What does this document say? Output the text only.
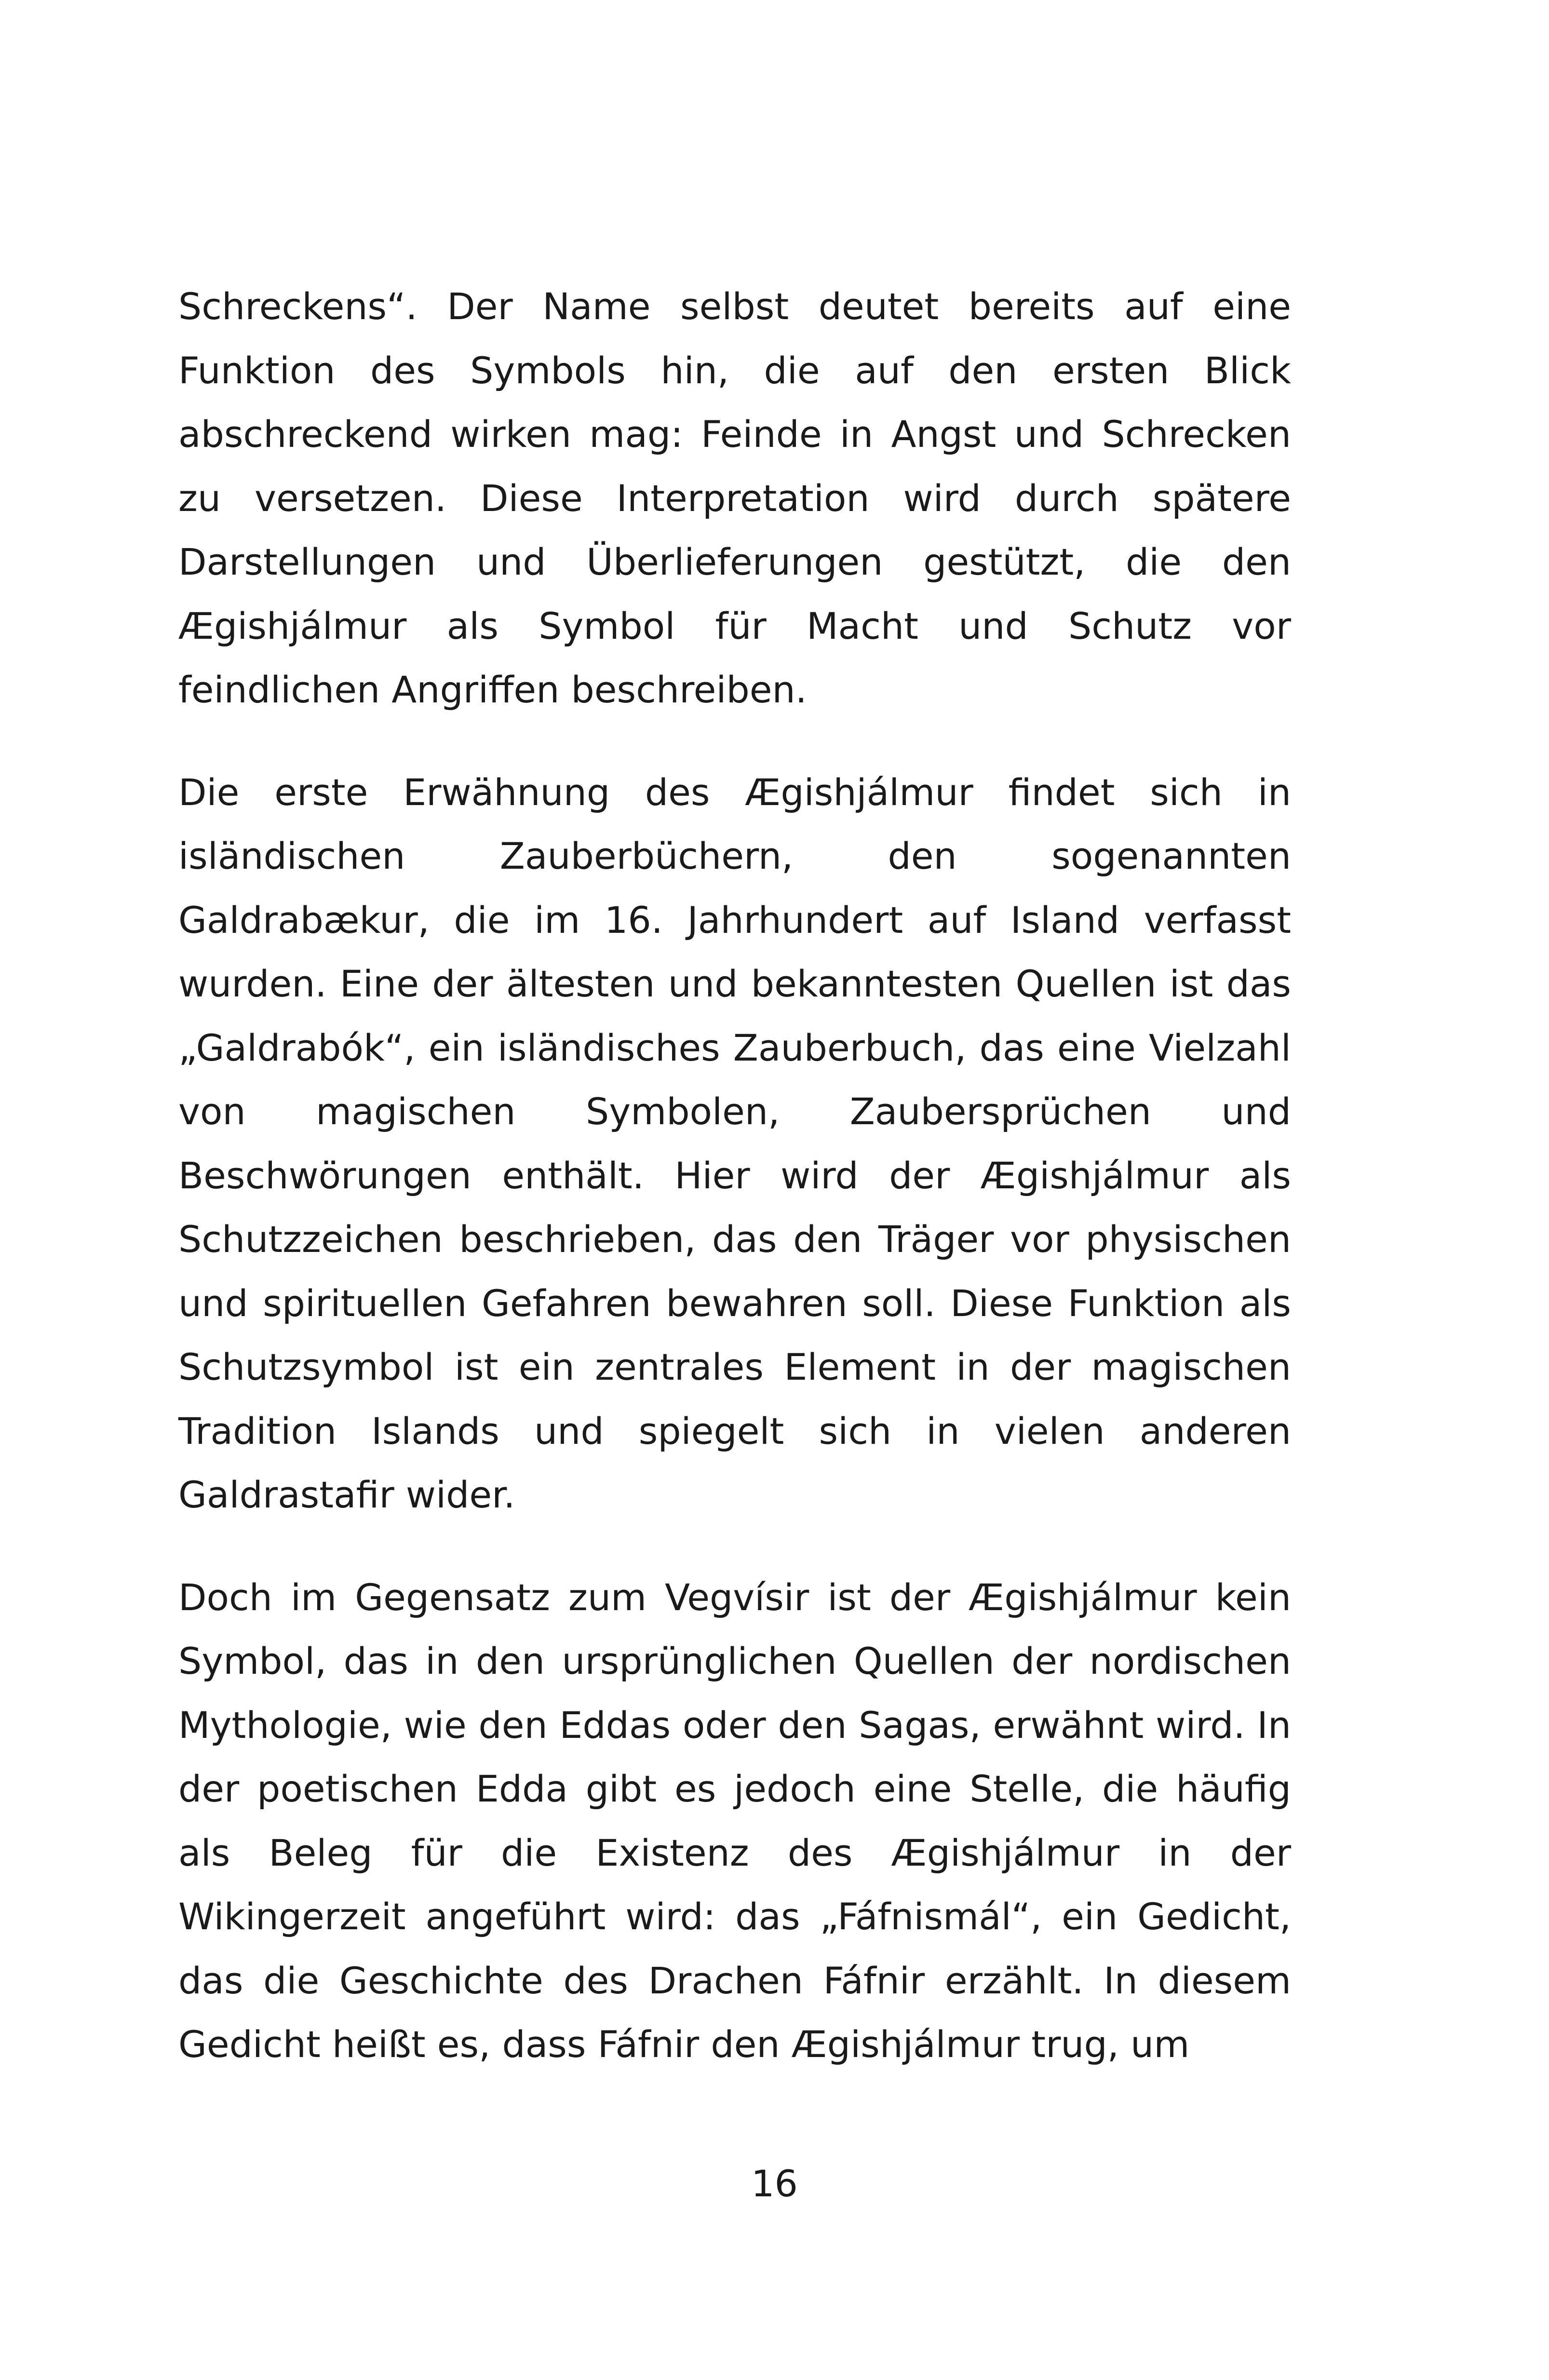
Schreckens“. Der Name selbst deutet bereits auf eine Funktion des Symbols hin, die auf den ersten Blick abschreckend wirken mag: Feinde in Angst und Schrecken zu versetzen. Diese Interpretation wird durch spätere Darstellungen und Überlieferungen gestützt, die den Ægishjálmur als Symbol für Macht und Schutz vor feindlichen Angriffen beschreiben.

Die erste Erwähnung des Ægishjálmur findet sich in isländischen Zauberbüchern, den sogenannten Galdrabækur, die im 16. Jahrhundert auf Island verfasst wurden. Eine der ältesten und bekanntesten Quellen ist das „Galdrabók“, ein isländisches Zauberbuch, das eine Vielzahl von magischen Symbolen, Zaubersprüchen und Beschwörungen enthält. Hier wird der Ægishjálmur als Schutzzeichen beschrieben, das den Träger vor physischen und spirituellen Gefahren bewahren soll. Diese Funktion als Schutzsymbol ist ein zentrales Element in der magischen Tradition Islands und spiegelt sich in vielen anderen Galdrastafir wider.

Doch im Gegensatz zum Vegvísir ist der Ægishjálmur kein Symbol, das in den ursprünglichen Quellen der nordischen Mythologie, wie den Eddas oder den Sagas, erwähnt wird. In der poetischen Edda gibt es jedoch eine Stelle, die häufig als Beleg für die Existenz des Ægishjálmur in der Wikingerzeit angeführt wird: das „Fáfnismál“, ein Gedicht, das die Geschichte des Drachen Fáfnir erzählt. In diesem Gedicht heißt es, dass Fáfnir den Ægishjálmur trug, um

16
